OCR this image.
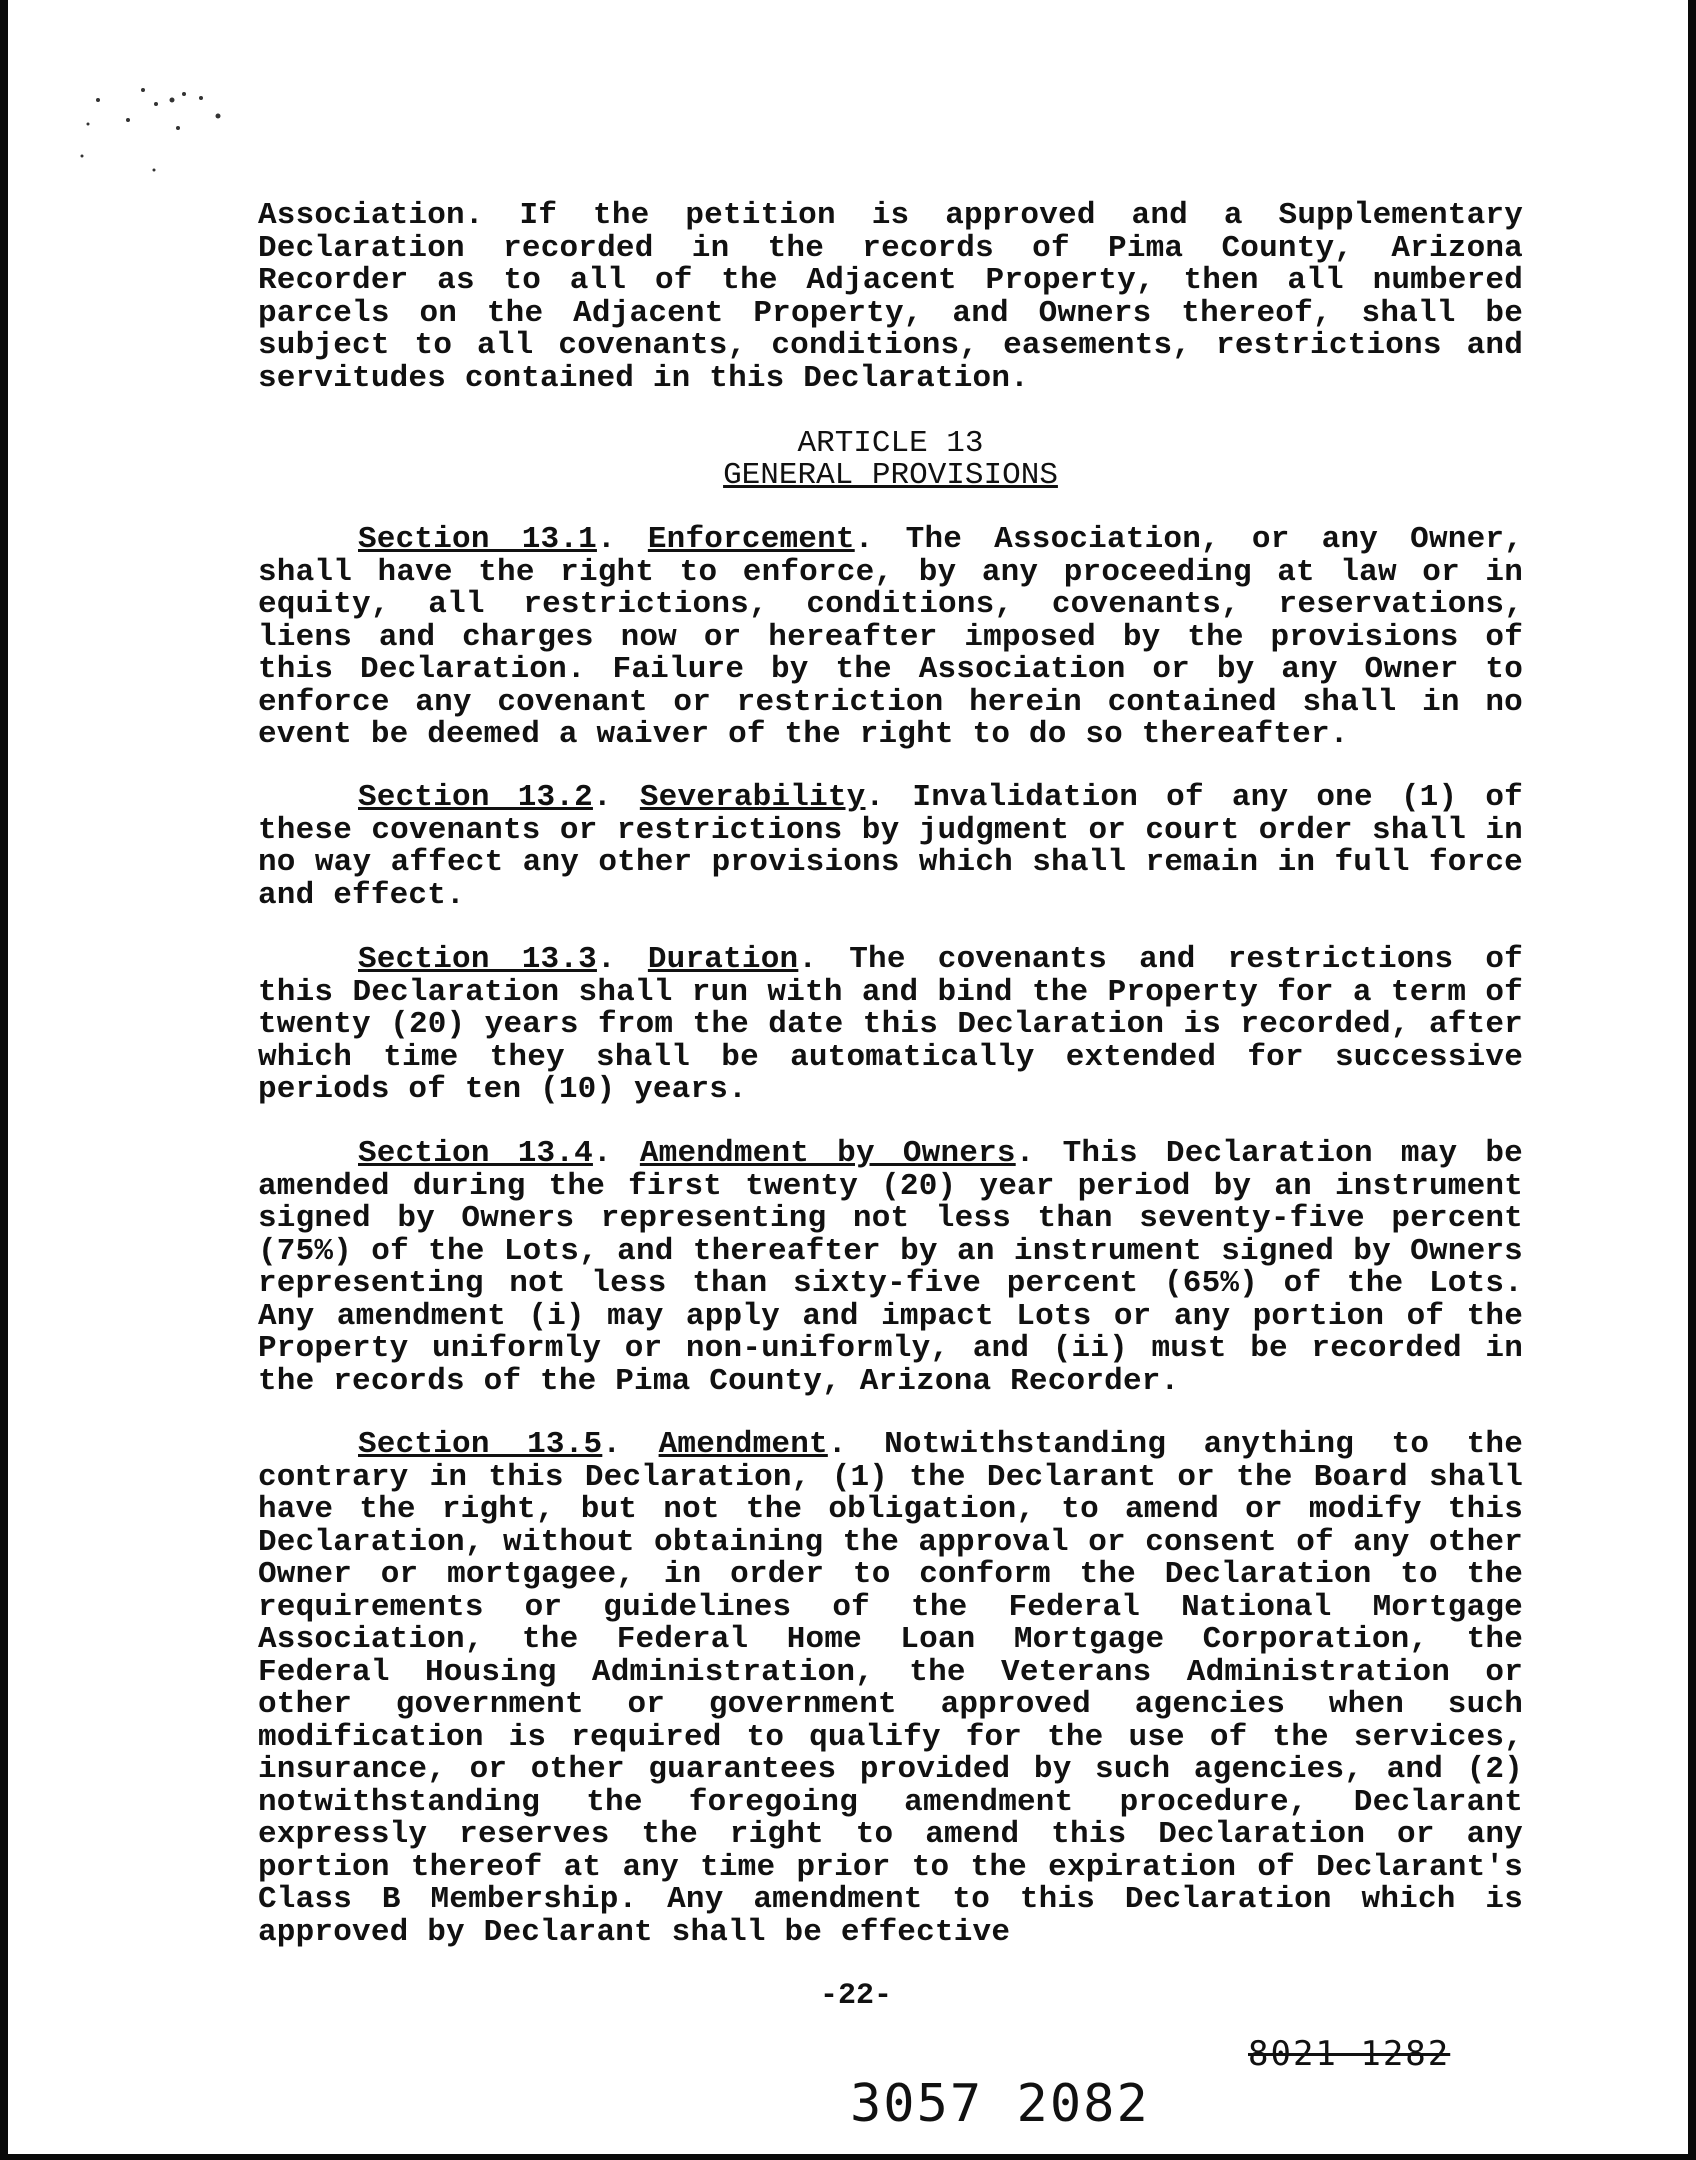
Association. If the petition is approved and a Supplementary Declaration recorded in the records of Pima County, Arizona Recorder as to all of the Adjacent Property, then all numbered parcels on the Adjacent Property, and Owners thereof, shall be subject to all covenants, conditions, easements, restrictions and servitudes contained in this Declaration.
ARTICLE 13
GENERAL PROVISIONS
Section 13.1. Enforcement. The Association, or any Owner, shall have the right to enforce, by any proceeding at law or in equity, all restrictions, conditions, covenants, reservations, liens and charges now or hereafter imposed by the provisions of this Declaration. Failure by the Association or by any Owner to enforce any covenant or restriction herein contained shall in no event be deemed a waiver of the right to do so thereafter.
Section 13.2. Severability. Invalidation of any one (1) of these covenants or restrictions by judgment or court order shall in no way affect any other provisions which shall remain in full force and effect.
Section 13.3. Duration. The covenants and restrictions of this Declaration shall run with and bind the Property for a term of twenty (20) years from the date this Declaration is recorded, after which time they shall be automatically extended for successive periods of ten (10) years.
Section 13.4. Amendment by Owners. This Declaration may be amended during the first twenty (20) year period by an instrument signed by Owners representing not less than seventy-five percent (75%) of the Lots, and thereafter by an instrument signed by Owners representing not less than sixty-five percent (65%) of the Lots. Any amendment (i) may apply and impact Lots or any portion of the Property uniformly or non-uniformly, and (ii) must be recorded in the records of the Pima County, Arizona Recorder.
Section 13.5. Amendment. Notwithstanding anything to the contrary in this Declaration, (1) the Declarant or the Board shall have the right, but not the obligation, to amend or modify this Declaration, without obtaining the approval or consent of any other Owner or mortgagee, in order to conform the Declaration to the requirements or guidelines of the Federal National Mortgage Association, the Federal Home Loan Mortgage Corporation, the Federal Housing Administration, the Veterans Administration or other government or government approved agencies when such modification is required to qualify for the use of the services, insurance, or other guarantees provided by such agencies, and (2) notwithstanding the foregoing amendment procedure, Declarant expressly reserves the right to amend this Declaration or any portion thereof at any time prior to the expiration of Declarant's Class B Membership. Any amendment to this Declaration which is approved by Declarant shall be effective
-22-
8021 1282
3057 2082
